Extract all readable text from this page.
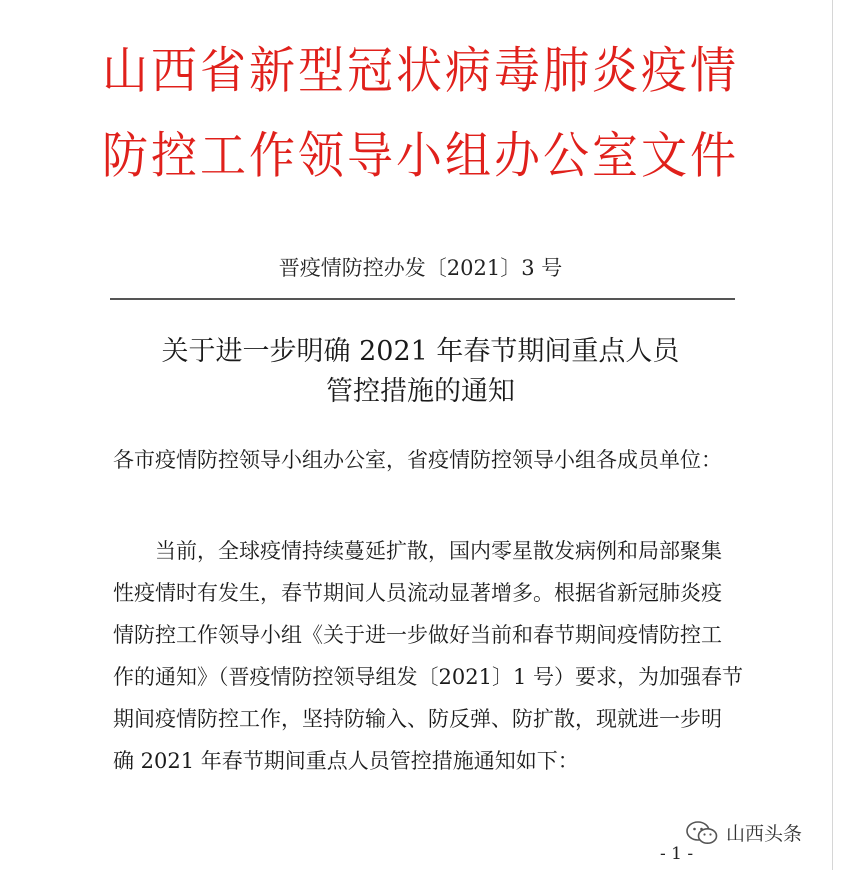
山西省新型冠状病毒肺炎疫情
防控工作领导小组办公室文件
晋疫情防控办发〔2021〕3 号
关于进一步明确 2021 年春节期间重点人员
管控措施的通知
各市疫情防控领导小组办公室，省疫情防控领导小组各成员单位：
当前，全球疫情持续蔓延扩散，国内零星散发病例和局部聚集
性疫情时有发生，春节期间人员流动显著增多。根据省新冠肺炎疫
情防控工作领导小组《关于进一步做好当前和春节期间疫情防控工
作的通知》（晋疫情防控领导组发〔2021〕1 号）要求，为加强春节
期间疫情防控工作，坚持防输入、防反弹、防扩散，现就进一步明
确 2021 年春节期间重点人员管控措施通知如下：
山西头条
- 1 -
